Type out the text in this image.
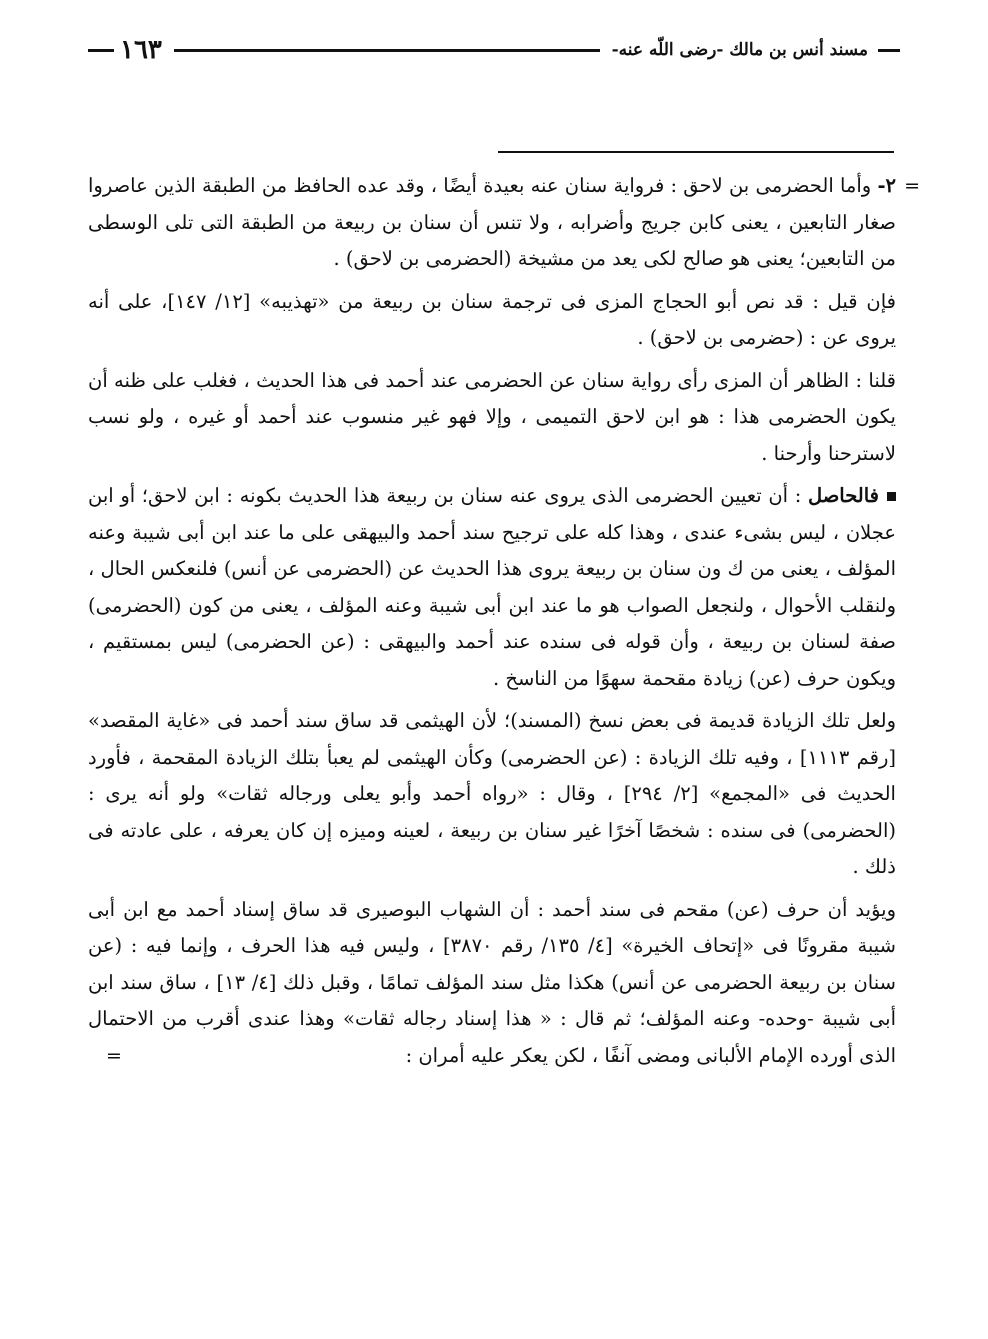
مسند أنس بن مالك -رضى اللّه عنه-
١٦٣

=
٢- وأما الحضرمى بن لاحق : فرواية سنان عنه بعيدة أيضًا ، وقد عده الحافظ من الطبقة الذين عاصروا صغار التابعين ، يعنى كابن جريج وأضرابه ، ولا تنس أن سنان بن ربيعة من الطبقة التى تلى الوسطى من التابعين؛ يعنى هو صالح لكى يعد من مشيخة (الحضرمى بن لاحق) .

فإن قيل : قد نص أبو الحجاج المزى فى ترجمة سنان بن ربيعة من «تهذيبه» [١٢/ ١٤٧]، على أنه يروى عن : (حضرمى بن لاحق) .

قلنا : الظاهر أن المزى رأى رواية سنان عن الحضرمى عند أحمد فى هذا الحديث ، فغلب على ظنه أن يكون الحضرمى هذا : هو ابن لاحق التميمى ، وإلا فهو غير منسوب عند أحمد أو غيره ، ولو نسب لاسترحنا وأرحنا .

فالحاصل : أن تعيين الحضرمى الذى يروى عنه سنان بن ربيعة هذا الحديث بكونه : ابن لاحق؛ أو ابن عجلان ، ليس بشىء عندى ، وهذا كله على ترجيح سند أحمد والبيهقى على ما عند ابن أبى شيبة وعنه المؤلف ، يعنى من ك ون سنان بن ربيعة يروى هذا الحديث عن (الحضرمى عن أنس) فلنعكس الحال ، ولنقلب الأحوال ، ولنجعل الصواب هو ما عند ابن أبى شيبة وعنه المؤلف ، يعنى من كون (الحضرمى) صفة لسنان بن ربيعة ، وأن قوله فى سنده عند أحمد والبيهقى : (عن الحضرمى) ليس بمستقيم ، ويكون حرف (عن) زيادة مقحمة سهوًا من الناسخ .

ولعل تلك الزيادة قديمة فى بعض نسخ (المسند)؛ لأن الهيثمى قد ساق سند أحمد فى «غاية المقصد» [رقم ١١١٣] ، وفيه تلك الزيادة : (عن الحضرمى) وكأن الهيثمى لم يعبأ بتلك الزيادة المقحمة ، فأورد الحديث فى «المجمع» [٢/ ٢٩٤] ، وقال : «رواه أحمد وأبو يعلى ورجاله ثقات» ولو أنه يرى : (الحضرمى) فى سنده : شخصًا آخرًا غير سنان بن ربيعة ، لعينه وميزه إن كان يعرفه ، على عادته فى ذلك .

ويؤيد أن حرف (عن) مقحم فى سند أحمد : أن الشهاب البوصيرى قد ساق إسناد أحمد مع ابن أبى شيبة مقرونًا فى «إتحاف الخيرة» [٤/ ١٣٥/ رقم ٣٨٧٠] ، وليس فيه هذا الحرف ، وإنما فيه : (عن سنان بن ربيعة الحضرمى عن أنس) هكذا مثل سند المؤلف تمامًا ، وقبل ذلك [٤/ ١٣] ، ساق سند ابن أبى شيبة -وحده- وعنه المؤلف؛ ثم قال : « هذا إسناد رجاله ثقات» وهذا عندى أقرب من الاحتمال الذى أورده الإمام الألبانى ومضى آنفًا ، لكن يعكر عليه أمران :
=
